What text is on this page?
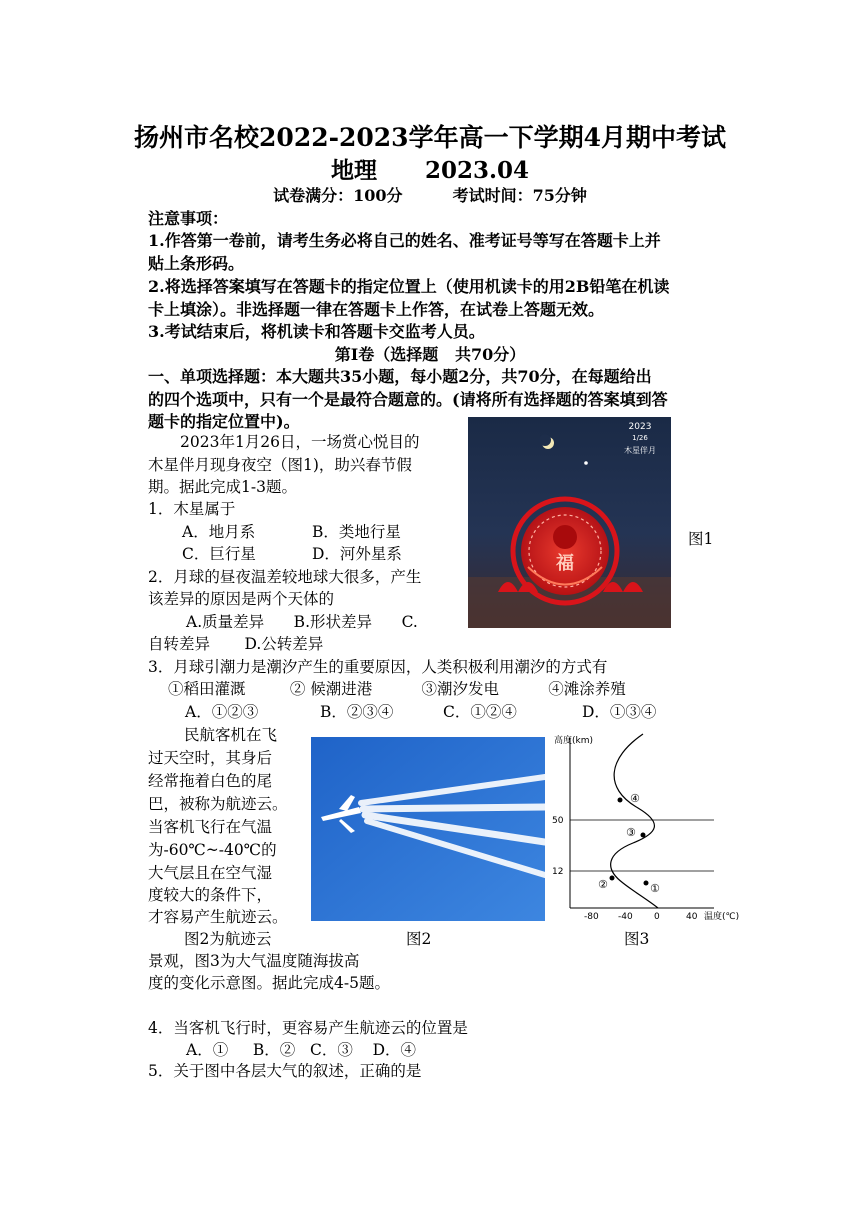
扬州市名校2022-2023学年高一下学期4月期中考试
地理      2023.04
试卷满分：100分         考试时间：75分钟
注意事项：
1.作答第一卷前，请考生务必将自己的姓名、准考证号等写在答题卡上并
贴上条形码。
2.将选择答案填写在答题卡的指定位置上（使用机读卡的用2B铅笔在机读
卡上填涂）。非选择题一律在答题卡上作答，在试卷上答题无效。
3.考试结束后，将机读卡和答题卡交监考人员。
第Ⅰ卷（选择题   共70分）
一、单项选择题：本大题共35小题，每小题2分，共70分，在每题给出
的四个选项中，只有一个是最符合题意的。(请将所有选择题的答案填到答
题卡的指定位置中)。
2023年1月26日，一场赏心悦目的
木星伴月现身夜空（图1)，助兴春节假
期。据此完成1-3题。
1．木星属于
A．地月系	B．类地行星
C．巨行星	D．河外星系
2．月球的昼夜温差较地球大很多，产生
该差异的原因是两个天体的
A.质量差异      B.形状差异      C.
自转差异       D.公转差异
2023
1/26
木星伴月
福
图1
3．月球引潮力是潮汐产生的重要原因，人类积极利用潮汐的方式有
①稻田灌溉         ② 候潮进港          ③潮汐发电          ④滩涂养殖
A．①②③	B．②③④	C．①②④	D．①③④
民航客机在飞
过天空时，其身后
经常拖着白色的尾
巴，被称为航迹云。
当客机飞行在气温
为-60℃~-40℃的
大气层且在空气湿
度较大的条件下，
才容易产生航迹云。
图2为航迹云
景观，图3为大气温度随海拔高
度的变化示意图。据此完成4-5题。
图2
④
③
②	①
高度(km)
50
12
-80 -40 0	40 温度(℃)
图3
4．当客机飞行时，更容易产生航迹云的位置是
A．①     B．②   C．③    D．④
5．关于图中各层大气的叙述，正确的是
